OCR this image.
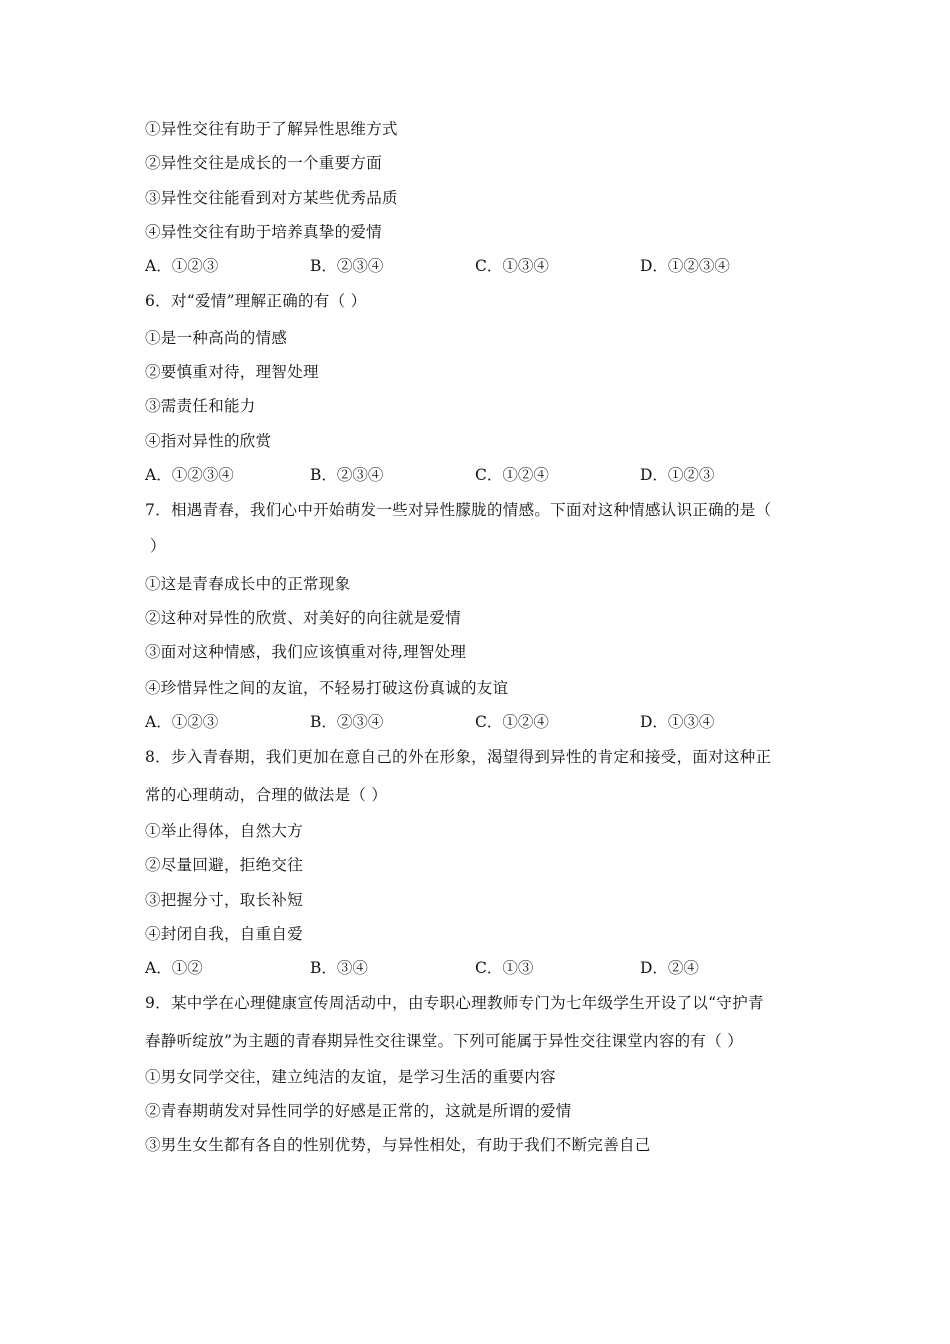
①异性交往有助于了解异性思维方式
②异性交往是成长的一个重要方面
③异性交往能看到对方某些优秀品质
④异性交往有助于培养真挚的爱情
A．①②③	B．②③④	C．①③④	D．①②③④
6．对“爱情”理解正确的有（ ）
①是一种高尚的情感
②要慎重对待，理智处理
③需责任和能力
④指对异性的欣赏
A．①②③④	B．②③④	C．①②④	D．①②③
7．相遇青春，我们心中开始萌发一些对异性朦胧的情感。下面对这种情感认识正确的是（
）
①这是青春成长中的正常现象
②这种对异性的欣赏、对美好的向往就是爱情
③面对这种情感，我们应该慎重对待,理智处理
④珍惜异性之间的友谊，不轻易打破这份真诚的友谊
A．①②③	B．②③④	C．①②④	D．①③④
8．步入青春期，我们更加在意自己的外在形象，渴望得到异性的肯定和接受，面对这种正
常的心理萌动，合理的做法是（ ）
①举止得体，自然大方
②尽量回避，拒绝交往
③把握分寸，取长补短
④封闭自我，自重自爱
A．①②	B．③④	C．①③	D．②④
9．某中学在心理健康宣传周活动中，由专职心理教师专门为七年级学生开设了以“守护青
春静听绽放”为主题的青春期异性交往课堂。下列可能属于异性交往课堂内容的有（ ）
①男女同学交往，建立纯洁的友谊，是学习生活的重要内容
②青春期萌发对异性同学的好感是正常的，这就是所谓的爱情
③男生女生都有各自的性别优势，与异性相处，有助于我们不断完善自己
